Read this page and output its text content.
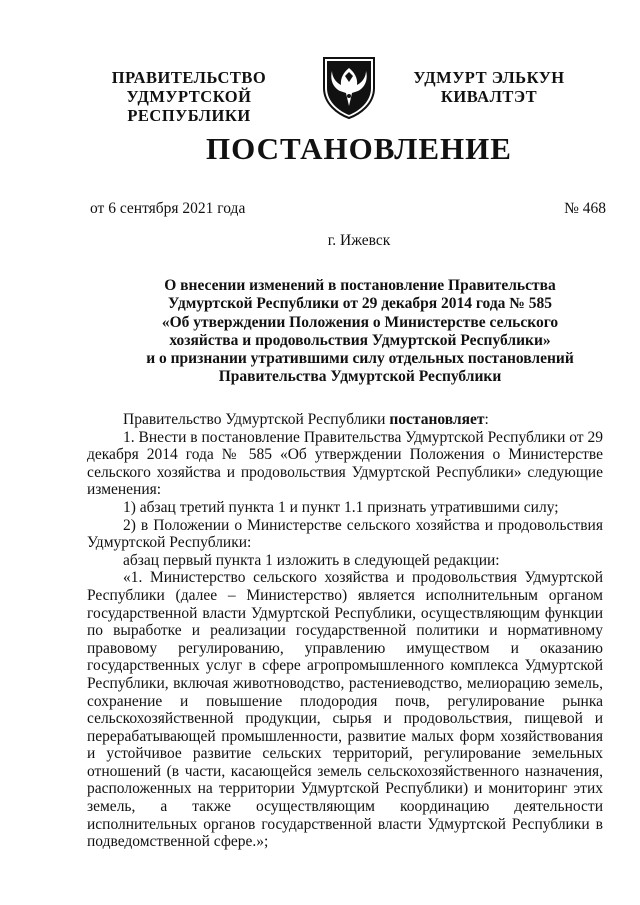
ПРАВИТЕЛЬСТВО
УДМУРТСКОЙ РЕСПУБЛИКИ
УДМУРТ ЭЛЬКУН
КИВАЛТЭТ
ПОСТАНОВЛЕНИЕ
от 6 сентября 2021 года	№ 468
г. Ижевск
О внесении изменений в постановление Правительства
Удмуртской Республики от 29 декабря 2014 года № 585
«Об утверждении Положения о Министерстве сельского
хозяйства и продовольствия Удмуртской Республики»
и о признании утратившими силу отдельных постановлений
Правительства Удмуртской Республики

Правительство Удмуртской Республики постановляет:

1. Внести в постановление Правительства Удмуртской Республики от 29 декабря 2014 года № 585 «Об утверждении Положения о Министерстве сельского хозяйства и продовольствия Удмуртской Республики» следующие изменения:

1) абзац третий пункта 1 и пункт 1.1 признать утратившими силу;

2) в Положении о Министерстве сельского хозяйства и продовольствия Удмуртской Республики:

абзац первый пункта 1 изложить в следующей редакции:

«1. Министерство сельского хозяйства и продовольствия Удмуртской Республики (далее – Министерство) является исполнительным органом государственной власти Удмуртской Республики, осуществляющим функции по выработке и реализации государственной политики и нормативному правовому регулированию, управлению имуществом и оказанию государственных услуг в сфере агропромышленного комплекса Удмуртской Республики, включая животноводство, растениеводство, мелиорацию земель, сохранение и повышение плодородия почв, регулирование рынка сельскохозяйственной продукции, сырья и продовольствия, пищевой и перерабатывающей промышленности, развитие малых форм хозяйствования и устойчивое развитие сельских территорий, регулирование земельных отношений (в части, касающейся земель сельскохозяйственного назначения, расположенных на территории Удмуртской Республики) и мониторинг этих земель, а также осуществляющим координацию деятельности исполнительных органов государственной власти Удмуртской Республики в подведомственной сфере.»;
